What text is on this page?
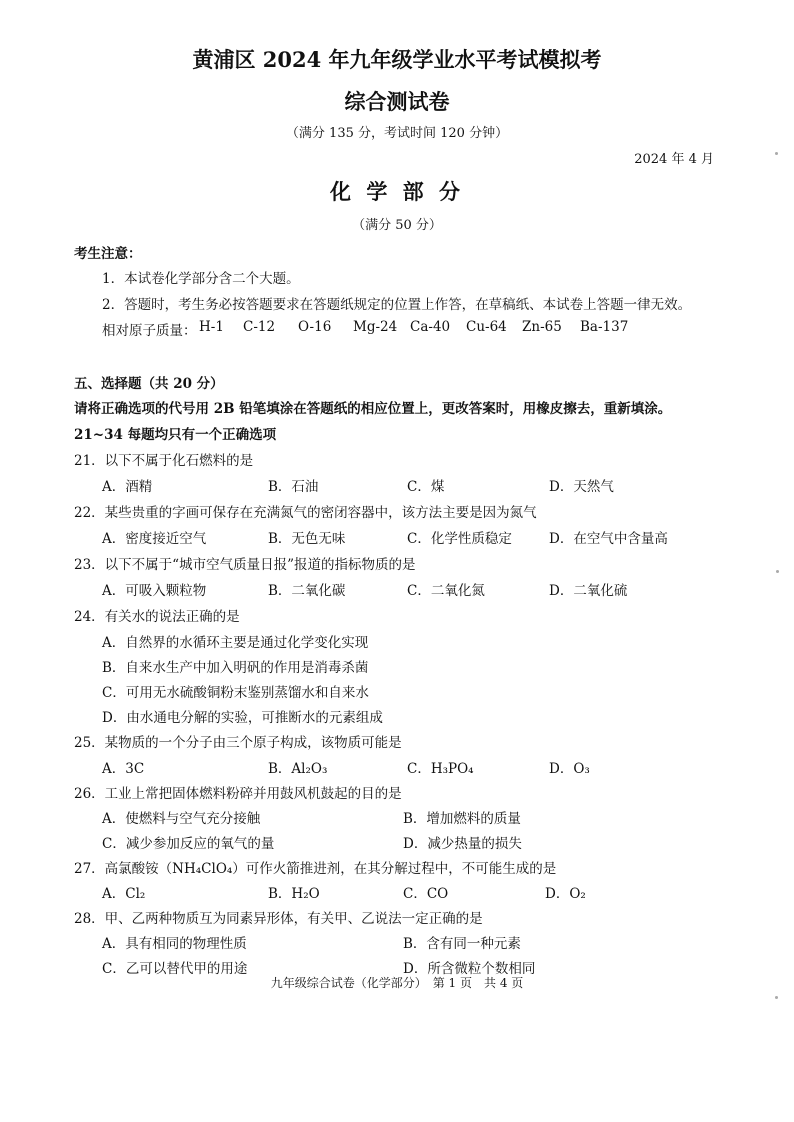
黄浦区 2024 年九年级学业水平考试模拟考
综合测试卷
（满分 135 分，考试时间 120 分钟）
2024 年 4 月
化 学 部 分
（满分 50 分）
考生注意：
1．本试卷化学部分含二个大题。
2．答题时，考生务必按答题要求在答题纸规定的位置上作答，在草稿纸、本试卷上答题一律无效。
相对原子质量： H-1 C-12 O-16 Mg-24 Ca-40 Cu-64 Zn-65 Ba-137
五、选择题（共 20 分）
请将正确选项的代号用 2B 铅笔填涂在答题纸的相应位置上，更改答案时，用橡皮擦去，重新填涂。
21~34 每题均只有一个正确选项
21．以下不属于化石燃料的是
A．酒精	B．石油	C．煤	D．天然气
22．某些贵重的字画可保存在充满氮气的密闭容器中，该方法主要是因为氮气
A．密度接近空气	B．无色无味	C．化学性质稳定	D．在空气中含量高
23．以下不属于“城市空气质量日报”报道的指标物质的是
A．可吸入颗粒物	B．二氧化碳	C．二氧化氮	D．二氧化硫
24．有关水的说法正确的是
A．自然界的水循环主要是通过化学变化实现
B．自来水生产中加入明矾的作用是消毒杀菌
C．可用无水硫酸铜粉末鉴别蒸馏水和自来水
D．由水通电分解的实验，可推断水的元素组成
25．某物质的一个分子由三个原子构成，该物质可能是
A．3C	B．Al₂O₃	C．H₃PO₄	D．O₃
26．工业上常把固体燃料粉碎并用鼓风机鼓起的目的是
A．使燃料与空气充分接触	B．增加燃料的质量
C．减少参加反应的氧气的量	D．减少热量的损失
27．高氯酸铵（NH₄ClO₄）可作火箭推进剂，在其分解过程中，不可能生成的是
A．Cl₂	B．H₂O	C．CO	D．O₂
28．甲、乙两种物质互为同素异形体，有关甲、乙说法一定正确的是
A．具有相同的物理性质	B．含有同一种元素
C．乙可以替代甲的用途	D．所含微粒个数相同
九年级综合试卷（化学部分）　第 1 页　共 4 页
